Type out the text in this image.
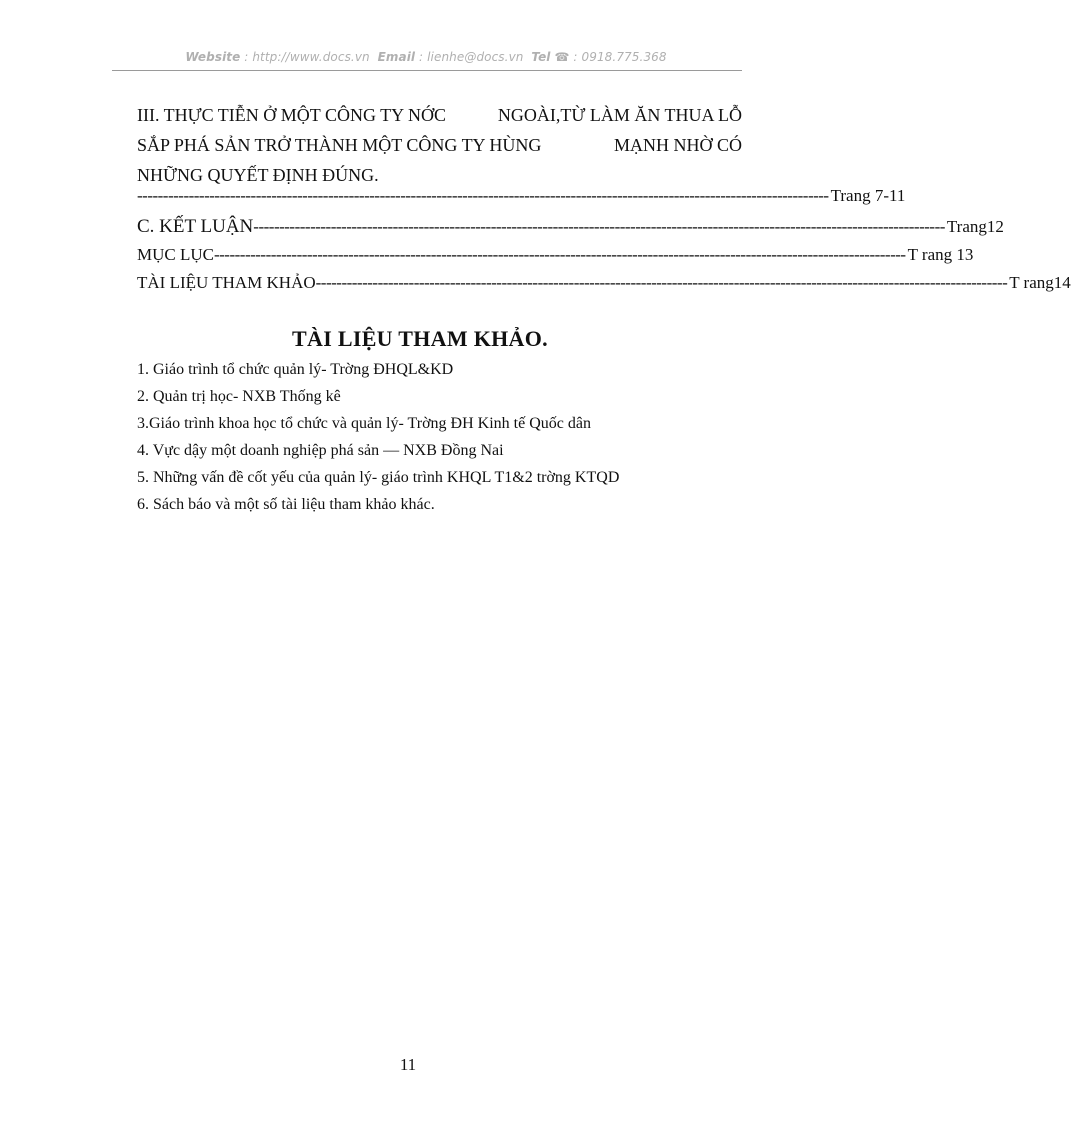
Website : http://www.docs.vn Email : lienhe@docs.vn Tel ☎ : 0918.775.368
III. THỰC TIỄN Ở MỘT CÔNG TY NỚC	NGOÀI,TỪ LÀM ĂN THUA LỖ
SẮP PHÁ SẢN TRỞ THÀNH MỘT CÔNG TY HÙNG	MẠNH NHỜ CÓ
NHỮNG QUYẾT ĐỊNH ĐÚNG.
-------------------------------------------------------------------------------------------------------------------------------------- Trang 7-11
C. KẾT LUẬN -------------------------------------------------------------------------------------------------------------------------------------- Trang12
MỤC LỤC -------------------------------------------------------------------------------------------------------------------------------------- T rang 13
TÀI LIỆU THAM KHẢO -------------------------------------------------------------------------------------------------------------------------------------- T rang14
TÀI LIỆU THAM KHẢO.
1. Giáo trình tổ chức quản lý- Trờng ĐHQL&KD
2. Quản trị học- NXB Thống kê
3.Giáo trình khoa học tổ chức và quản lý- Trờng ĐH Kinh tế Quốc dân
4. Vực dậy một doanh nghiệp phá sản — NXB Đồng Nai
5. Những vấn đề cốt yếu của quản lý- giáo trình KHQL T1&2 trờng KTQD
6. Sách báo và một số tài liệu tham khảo khác.
11
